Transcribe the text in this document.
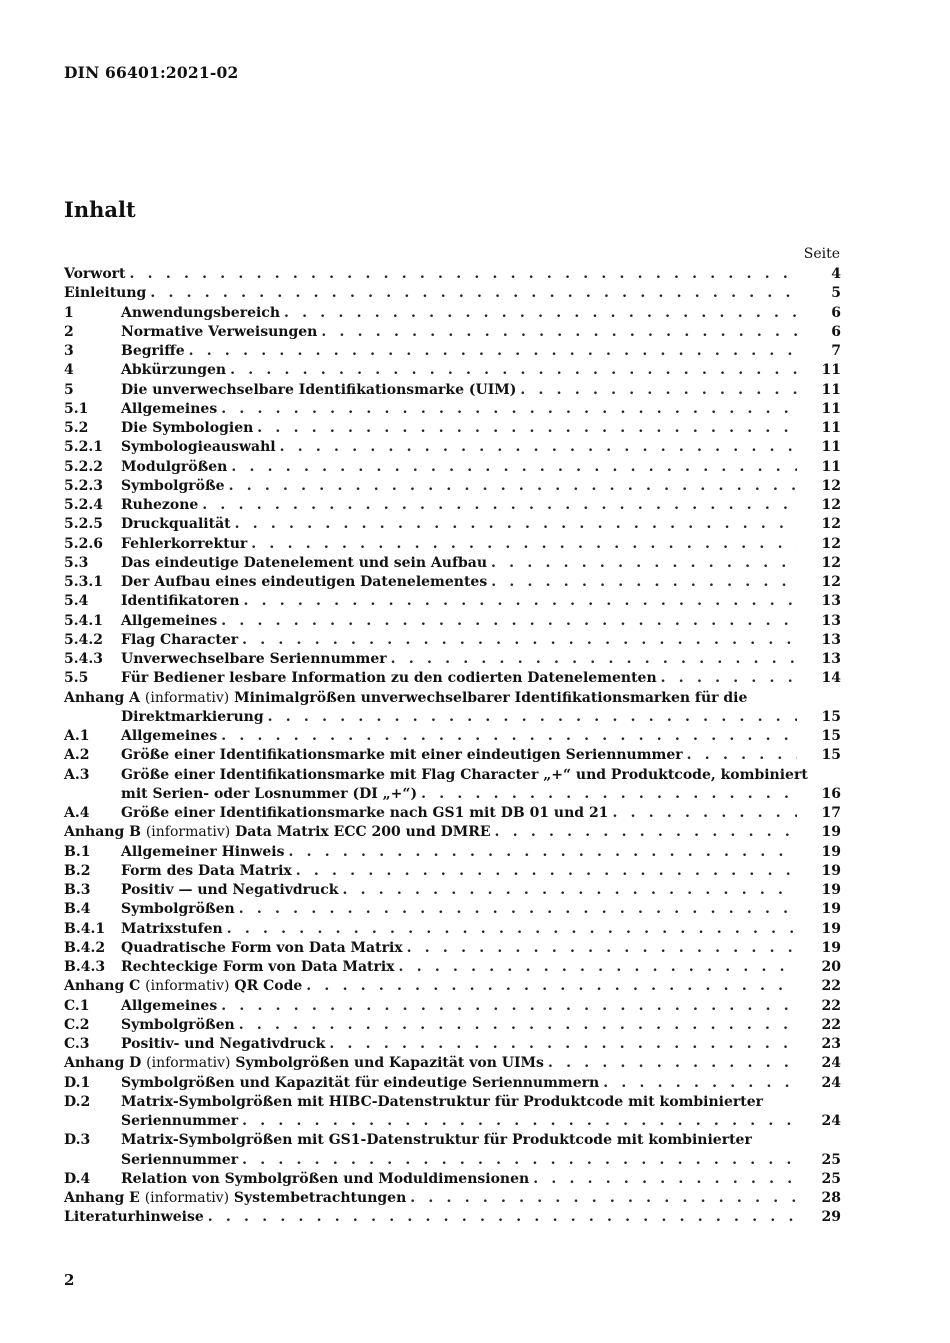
DIN 66401:2021-02
Inhalt
Seite
Vorwort . . .	4
Einleitung . . .	5
1	Anwendungsbereich . . .	6
2	Normative Verweisungen . . .	6
3	Begriffe . . .	7
4	Abkürzungen . . .	11
5	Die unverwechselbare Identifikationsmarke (UIM) . . .	11
5.1	Allgemeines . . .	11
5.2	Die Symbologien . . .	11
5.2.1	Symbologieauswahl . . .	11
5.2.2	Modulgrößen . . .	11
5.2.3	Symbolgröße . . .	12
5.2.4	Ruhezone . . .	12
5.2.5	Druckqualität . . .	12
5.2.6	Fehlerkorrektur . . .	12
5.3	Das eindeutige Datenelement und sein Aufbau . . .	12
5.3.1	Der Aufbau eines eindeutigen Datenelementes . . .	12
5.4	Identifikatoren . . .	13
5.4.1	Allgemeines . . .	13
5.4.2	Flag Character . . .	13
5.4.3	Unverwechselbare Seriennummer . . .	13
5.5	Für Bediener lesbare Information zu den codierten Datenelementen . . .	14
Anhang A (informativ) Minimalgrößen unverwechselbarer Identifikationsmarken für die
Direktmarkierung . . .	15
A.1	Allgemeines . . .	15
A.2	Größe einer Identifikationsmarke mit einer eindeutigen Seriennummer . . .	15
A.3	Größe einer Identifikationsmarke mit Flag Character „+“ und Produktcode, kombiniert
mit Serien- oder Losnummer (DI „+“) . . .	16
A.4	Größe einer Identifikationsmarke nach GS1 mit DB 01 und 21 . . .	17
Anhang B (informativ) Data Matrix ECC 200 und DMRE . . .	19
B.1	Allgemeiner Hinweis . . .	19
B.2	Form des Data Matrix . . .	19
B.3	Positiv — und Negativdruck . . .	19
B.4	Symbolgrößen . . .	19
B.4.1	Matrixstufen . . .	19
B.4.2	Quadratische Form von Data Matrix . . .	19
B.4.3	Rechteckige Form von Data Matrix . . .	20
Anhang C (informativ) QR Code . . .	22
C.1	Allgemeines . . .	22
C.2	Symbolgrößen . . .	22
C.3	Positiv- und Negativdruck . . .	23
Anhang D (informativ) Symbolgrößen und Kapazität von UIMs . . .	24
D.1	Symbolgrößen und Kapazität für eindeutige Seriennummern . . .	24
D.2	Matrix-Symbolgrößen mit HIBC-Datenstruktur für Produktcode mit kombinierter
Seriennummer . . .	24
D.3	Matrix-Symbolgrößen mit GS1-Datenstruktur für Produktcode mit kombinierter
Seriennummer . . .	25
D.4	Relation von Symbolgrößen und Moduldimensionen . . .	25
Anhang E (informativ) Systembetrachtungen . . .	28
Literaturhinweise . . .	29
2
